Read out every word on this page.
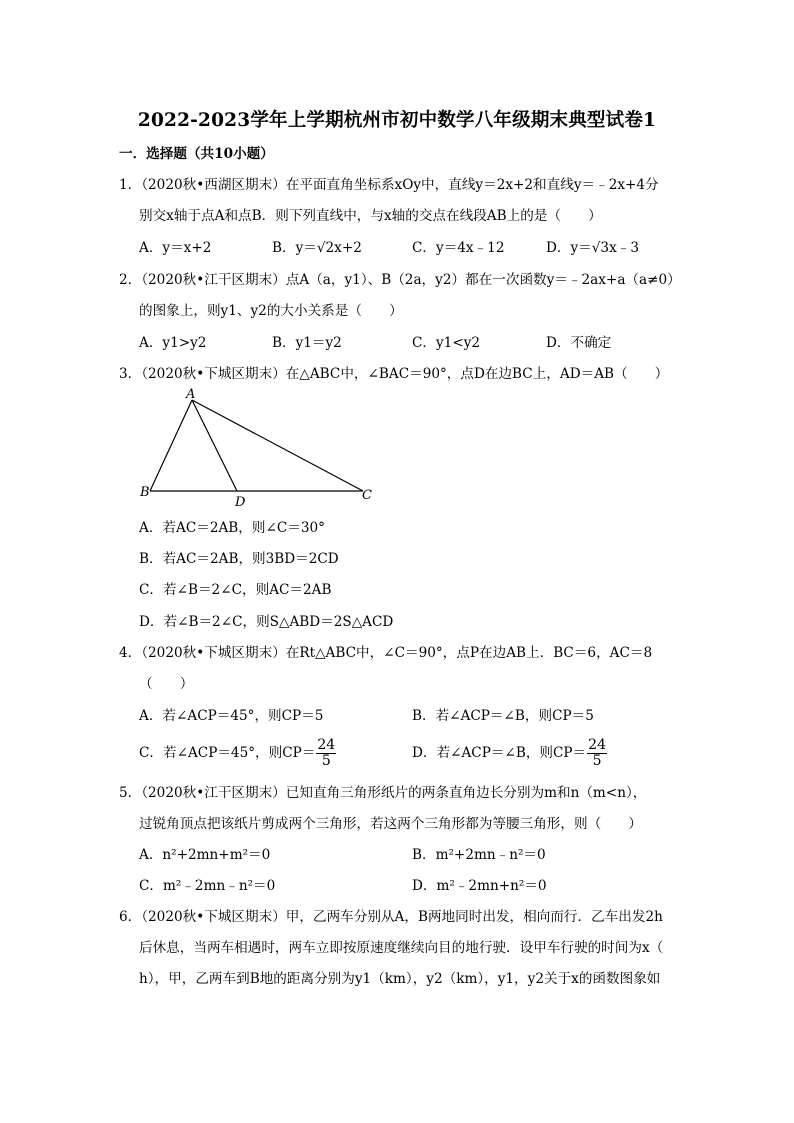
2022-2023学年上学期杭州市初中数学八年级期末典型试卷1
一．选择题（共10小题）
1．（2020秋•西湖区期末）在平面直角坐标系xOy中，直线y＝2x+2和直线y＝﹣2x+4分
别交x轴于点A和点B．则下列直线中，与x轴的交点在线段AB上的是（　　）
A．y＝x+2	B．y＝√2x+2	C．y＝4x﹣12	D．y＝√3x﹣3
2．（2020秋•江干区期末）点A（a，y1）、B（2a，y2）都在一次函数y＝﹣2ax+a（a≠0）
的图象上，则y1、y2的大小关系是（　　）
A．y1>y2	B．y1＝y2	C．y1<y2	D．不确定
3．（2020秋•下城区期末）在△ABC中，∠BAC＝90°，点D在边BC上，AD＝AB（　　）
A
B	C
D
A．若AC＝2AB，则∠C＝30°
B．若AC＝2AB，则3BD＝2CD
C．若∠B＝2∠C，则AC＝2AB
D．若∠B＝2∠C，则S△ABD＝2S△ACD
4．（2020秋•下城区期末）在Rt△ABC中，∠C＝90°，点P在边AB上．BC＝6，AC＝8
（　　）
A．若∠ACP＝45°，则CP＝5	B．若∠ACP＝∠B，则CP＝5
C．若∠ACP＝45°，则$CP= \frac{24}{5}$	D．若∠ACP＝∠B，则$CP= \frac{24}{5}$
5．（2020秋•江干区期末）已知直角三角形纸片的两条直角边长分别为m和n（m<n），
过锐角顶点把该纸片剪成两个三角形，若这两个三角形都为等腰三角形，则（　　）
A．n²+2mn+m²＝0	B．m²+2mn﹣n²＝0
C．m²﹣2mn﹣n²＝0	D．m²﹣2mn+n²＝0
6．（2020秋•下城区期末）甲，乙两车分别从A，B两地同时出发，相向而行．乙车出发2h
后休息，当两车相遇时，两车立即按原速度继续向目的地行驶．设甲车行驶的时间为x（
h），甲，乙两车到B地的距离分别为y1（km），y2（km），y1，y2关于x的函数图象如
